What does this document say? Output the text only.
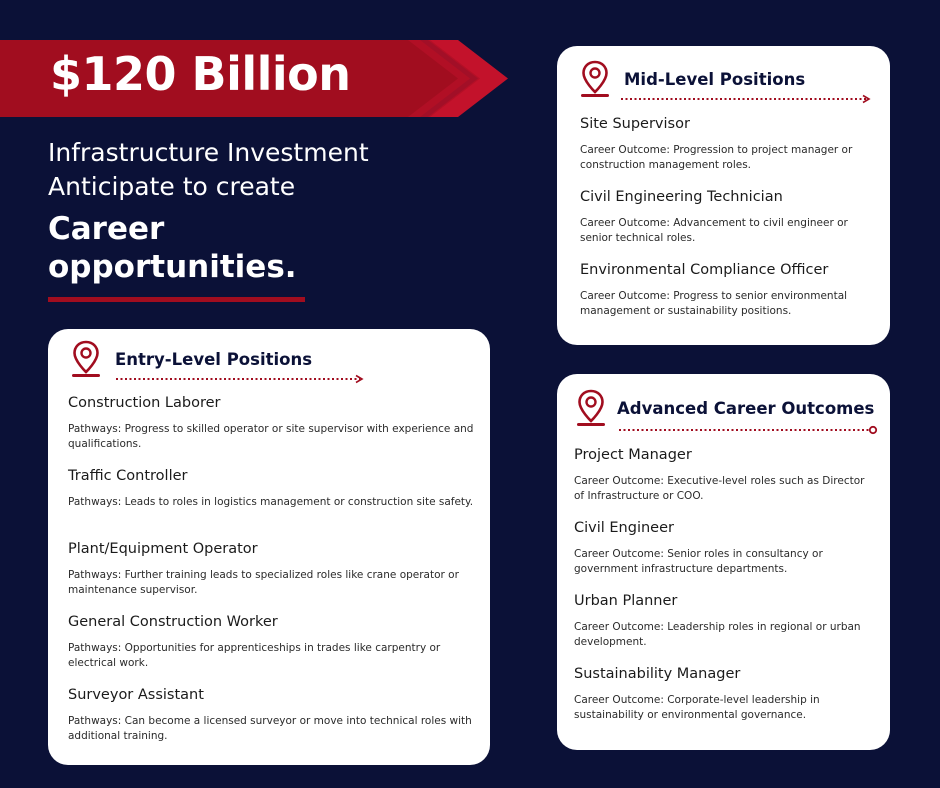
$120 Billion
Infrastructure Investment
Anticipate to create
Career
opportunities.
Entry-Level Positions
Construction Laborer
Pathways: Progress to skilled operator or site supervisor with experience and qualifications.
Traffic Controller
Pathways: Leads to roles in logistics management or construction site safety.
Plant/Equipment Operator
Pathways: Further training leads to specialized roles like crane operator or maintenance supervisor.
General Construction Worker
Pathways: Opportunities for apprenticeships in trades like carpentry or electrical work.
Surveyor Assistant
Pathways: Can become a licensed surveyor or move into technical roles with additional training.
Mid-Level Positions
Site Supervisor
Career Outcome: Progression to project manager or construction management roles.
Civil Engineering Technician
Career Outcome: Advancement to civil engineer or senior technical roles.
Environmental Compliance Officer
Career Outcome: Progress to senior environmental management or sustainability positions.
Advanced Career Outcomes
Project Manager
Career Outcome: Executive-level roles such as Director of Infrastructure or COO.
Civil Engineer
Career Outcome: Senior roles in consultancy or government infrastructure departments.
Urban Planner
Career Outcome: Leadership roles in regional or urban development.
Sustainability Manager
Career Outcome: Corporate-level leadership in sustainability or environmental governance.
